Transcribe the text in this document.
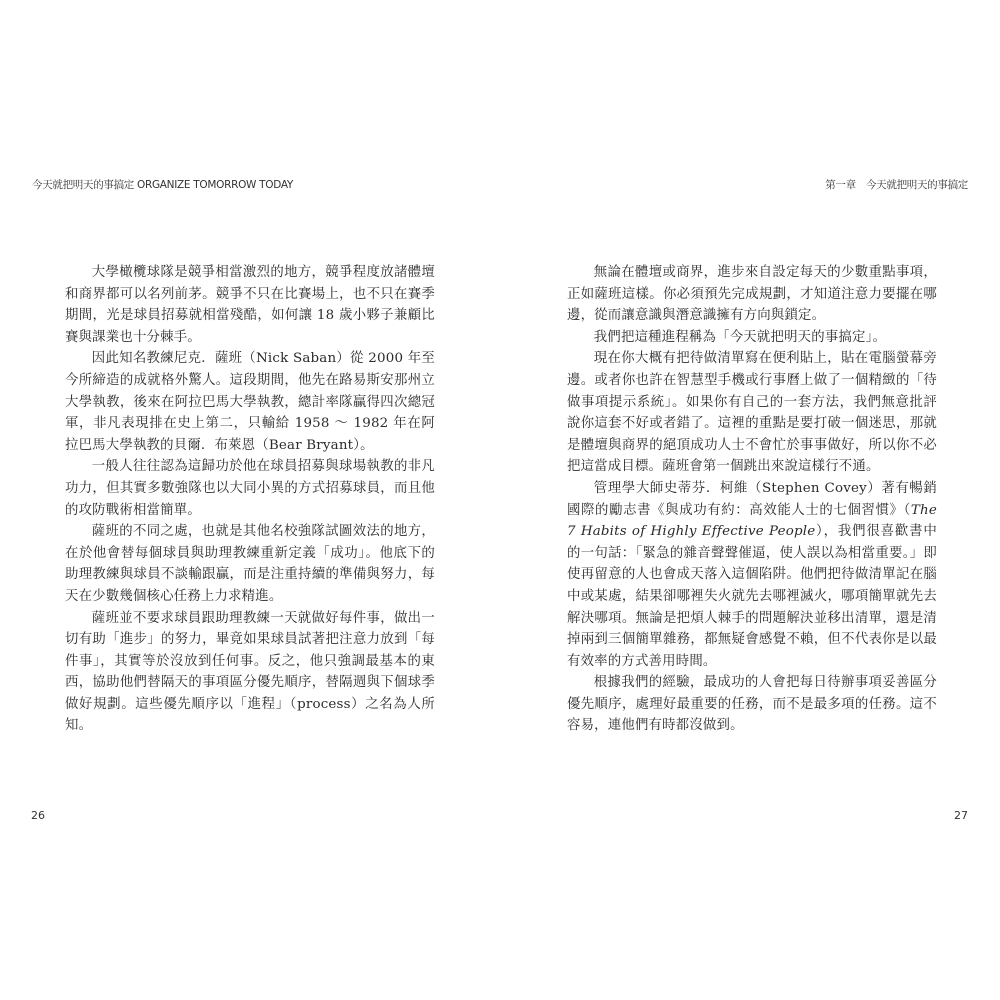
今天就把明天的事搞定 ORGANIZE TOMORROW TODAY	第一章　今天就把明天的事搞定

大學橄欖球隊是競爭相當激烈的地方，競爭程度放諸體壇和商界都可以名列前茅。競爭不只在比賽場上，也不只在賽季期間，光是球員招募就相當殘酷，如何讓 18 歲小夥子兼顧比賽與課業也十分棘手。

因此知名教練尼克．薩班（Nick Saban）從 2000 年至今所締造的成就格外驚人。這段期間，他先在路易斯安那州立大學執教，後來在阿拉巴馬大學執教，總計率隊贏得四次總冠軍，非凡表現排在史上第二，只輸給 1958 ～ 1982 年在阿拉巴馬大學執教的貝爾．布萊恩（Bear Bryant）。

一般人往往認為這歸功於他在球員招募與球場執教的非凡功力，但其實多數強隊也以大同小異的方式招募球員，而且他的攻防戰術相當簡單。

薩班的不同之處，也就是其他名校強隊試圖效法的地方，在於他會替每個球員與助理教練重新定義「成功」。他底下的助理教練與球員不談輸跟贏，而是注重持續的準備與努力，每天在少數幾個核心任務上力求精進。

薩班並不要求球員跟助理教練一天就做好每件事，做出一切有助「進步」的努力，畢竟如果球員試著把注意力放到「每件事」，其實等於沒放到任何事。反之，他只強調最基本的東西，協助他們替隔天的事項區分優先順序，替隔週與下個球季做好規劃。這些優先順序以「進程」（process）之名為人所知。

無論在體壇或商界，進步來自設定每天的少數重點事項，正如薩班這樣。你必須預先完成規劃，才知道注意力要擺在哪邊，從而讓意識與潛意識擁有方向與鎖定。

我們把這種進程稱為「今天就把明天的事搞定」。

現在你大概有把待做清單寫在便利貼上，貼在電腦螢幕旁邊。或者你也許在智慧型手機或行事曆上做了一個精緻的「待做事項提示系統」。如果你有自己的一套方法，我們無意批評說你這套不好或者錯了。這裡的重點是要打破一個迷思，那就是體壇與商界的絕頂成功人士不會忙於事事做好，所以你不必把這當成目標。薩班會第一個跳出來說這樣行不通。

管理學大師史蒂芬．柯維（Stephen Covey）著有暢銷國際的勵志書《與成功有約：高效能人士的七個習慣》（The 7 Habits of Highly Effective People），我們很喜歡書中的一句話：「緊急的雜音聲聲催逼，使人誤以為相當重要。」即使再留意的人也會成天落入這個陷阱。他們把待做清單記在腦中或某處，結果卻哪裡失火就先去哪裡滅火，哪項簡單就先去解決哪項。無論是把煩人棘手的問題解決並移出清單，還是清掉兩到三個簡單雜務，都無疑會感覺不賴，但不代表你是以最有效率的方式善用時間。

根據我們的經驗，最成功的人會把每日待辦事項妥善區分優先順序，處理好最重要的任務，而不是最多項的任務。這不容易，連他們有時都沒做到。

26	27
